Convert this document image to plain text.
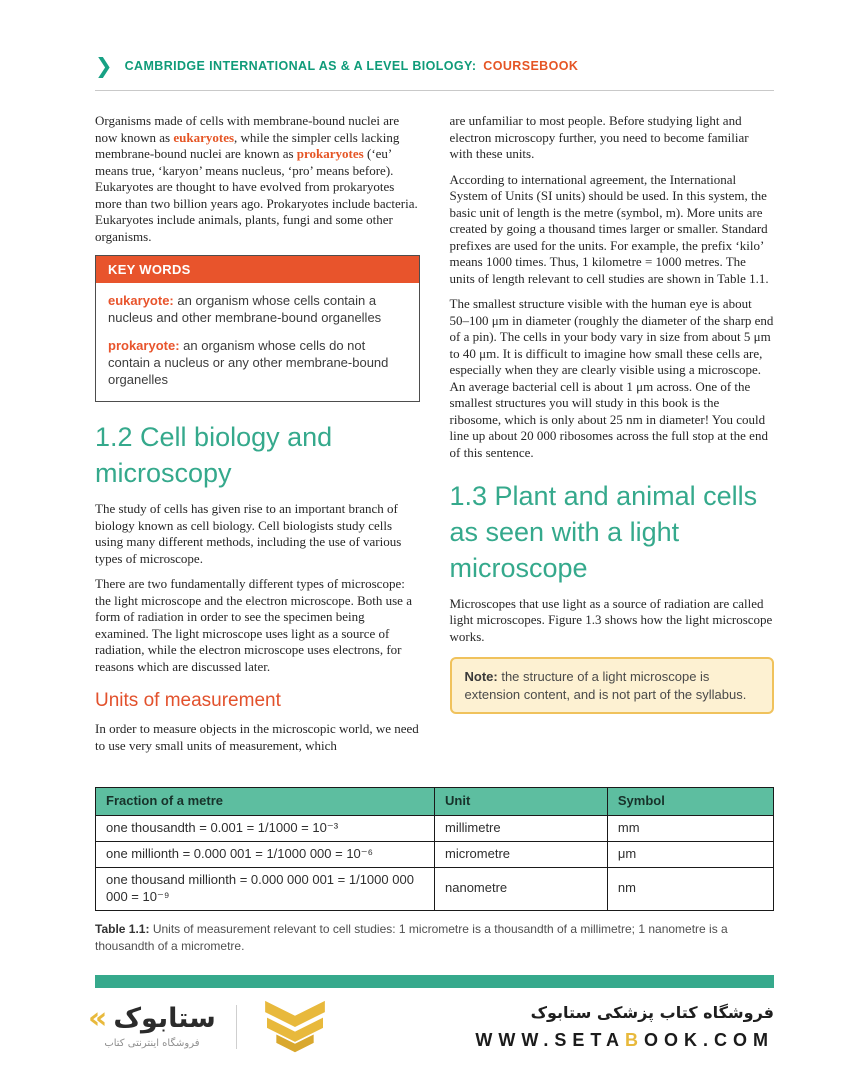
❯ CAMBRIDGE INTERNATIONAL AS & A LEVEL BIOLOGY: COURSEBOOK

Organisms made of cells with membrane-bound nuclei are now known as eukaryotes, while the simpler cells lacking membrane-bound nuclei are known as prokaryotes (‘eu’ means true, ‘karyon’ means nucleus, ‘pro’ means before). Eukaryotes are thought to have evolved from prokaryotes more than two billion years ago. Prokaryotes include bacteria. Eukaryotes include animals, plants, fungi and some other organisms.

KEY WORDS

eukaryote: an organism whose cells contain a nucleus and other membrane-bound organelles

prokaryote: an organism whose cells do not contain a nucleus or any other membrane-bound organelles

1.2 Cell biology and microscopy

The study of cells has given rise to an important branch of biology known as cell biology. Cell biologists study cells using many different methods, including the use of various types of microscope.

There are two fundamentally different types of microscope: the light microscope and the electron microscope. Both use a form of radiation in order to see the specimen being examined. The light microscope uses light as a source of radiation, while the electron microscope uses electrons, for reasons which are discussed later.

Units of measurement

In order to measure objects in the microscopic world, we need to use very small units of measurement, which

are unfamiliar to most people. Before studying light and electron microscopy further, you need to become familiar with these units.

According to international agreement, the International System of Units (SI units) should be used. In this system, the basic unit of length is the metre (symbol, m). More units are created by going a thousand times larger or smaller. Standard prefixes are used for the units. For example, the prefix ‘kilo’ means 1000 times. Thus, 1 kilometre = 1000 metres. The units of length relevant to cell studies are shown in Table 1.1.

The smallest structure visible with the human eye is about 50–100 μm in diameter (roughly the diameter of the sharp end of a pin). The cells in your body vary in size from about 5 μm to 40 μm. It is difficult to imagine how small these cells are, especially when they are clearly visible using a microscope. An average bacterial cell is about 1 μm across. One of the smallest structures you will study in this book is the ribosome, which is only about 25 nm in diameter! You could line up about 20 000 ribosomes across the full stop at the end of this sentence.

1.3 Plant and animal cells as seen with a light microscope

Microscopes that use light as a source of radiation are called light microscopes. Figure 1.3 shows how the light microscope works.

Note: the structure of a light microscope is extension content, and is not part of the syllabus.
Fraction of a metre	Unit	Symbol
one thousandth = 0.001 = 1/1000 = 10⁻³	millimetre	mm
one millionth = 0.000 001 = 1/1000 000 = 10⁻⁶	micrometre	μm
one thousand millionth = 0.000 000 001 = 1/1000 000 000 = 10⁻⁹	nanometre	nm

Table 1.1: Units of measurement relevant to cell studies: 1 micrometre is a thousandth of a millimetre; 1 nanometre is a thousandth of a micrometre.

« ستابوک
فروشگاه اینترنتی کتاب
فروشگاه کتاب پزشکی ستابوک
WWW.SETABOOK.COM
